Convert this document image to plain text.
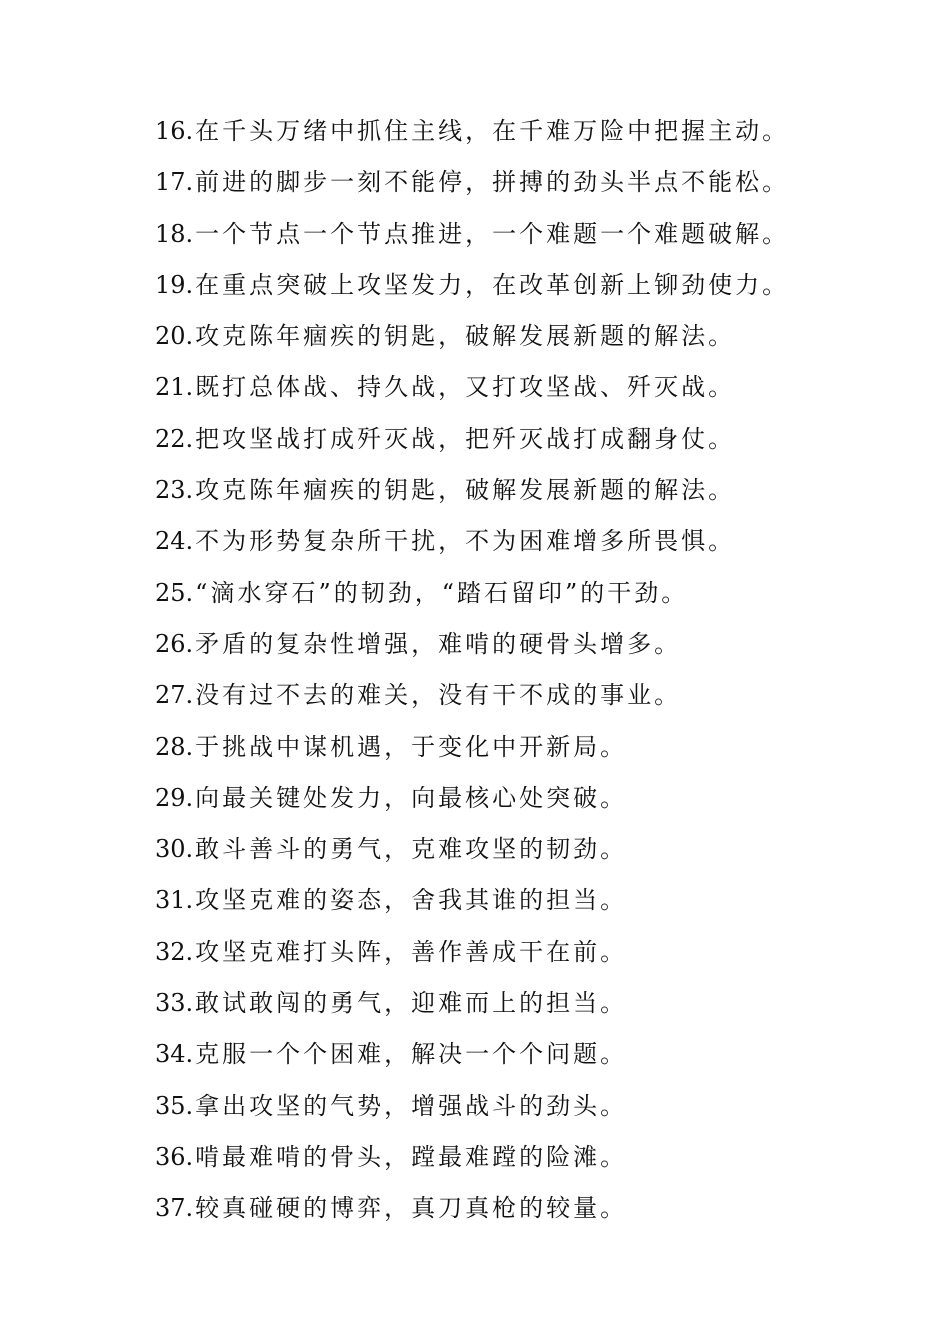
16.在千头万绪中抓住主线，在千难万险中把握主动。
17.前进的脚步一刻不能停，拼搏的劲头半点不能松。
18.一个节点一个节点推进，一个难题一个难题破解。
19.在重点突破上攻坚发力，在改革创新上铆劲使力。
20.攻克陈年痼疾的钥匙，破解发展新题的解法。
21.既打总体战、持久战，又打攻坚战、歼灭战。
22.把攻坚战打成歼灭战，把歼灭战打成翻身仗。
23.攻克陈年痼疾的钥匙，破解发展新题的解法。
24.不为形势复杂所干扰，不为困难增多所畏惧。
25.“滴水穿石”的韧劲，“踏石留印”的干劲。
26.矛盾的复杂性增强，难啃的硬骨头增多。
27.没有过不去的难关，没有干不成的事业。
28.于挑战中谋机遇，于变化中开新局。
29.向最关键处发力，向最核心处突破。
30.敢斗善斗的勇气，克难攻坚的韧劲。
31.攻坚克难的姿态，舍我其谁的担当。
32.攻坚克难打头阵，善作善成干在前。
33.敢试敢闯的勇气，迎难而上的担当。
34.克服一个个困难，解决一个个问题。
35.拿出攻坚的气势，增强战斗的劲头。
36.啃最难啃的骨头，蹚最难蹚的险滩。
37.较真碰硬的博弈，真刀真枪的较量。
